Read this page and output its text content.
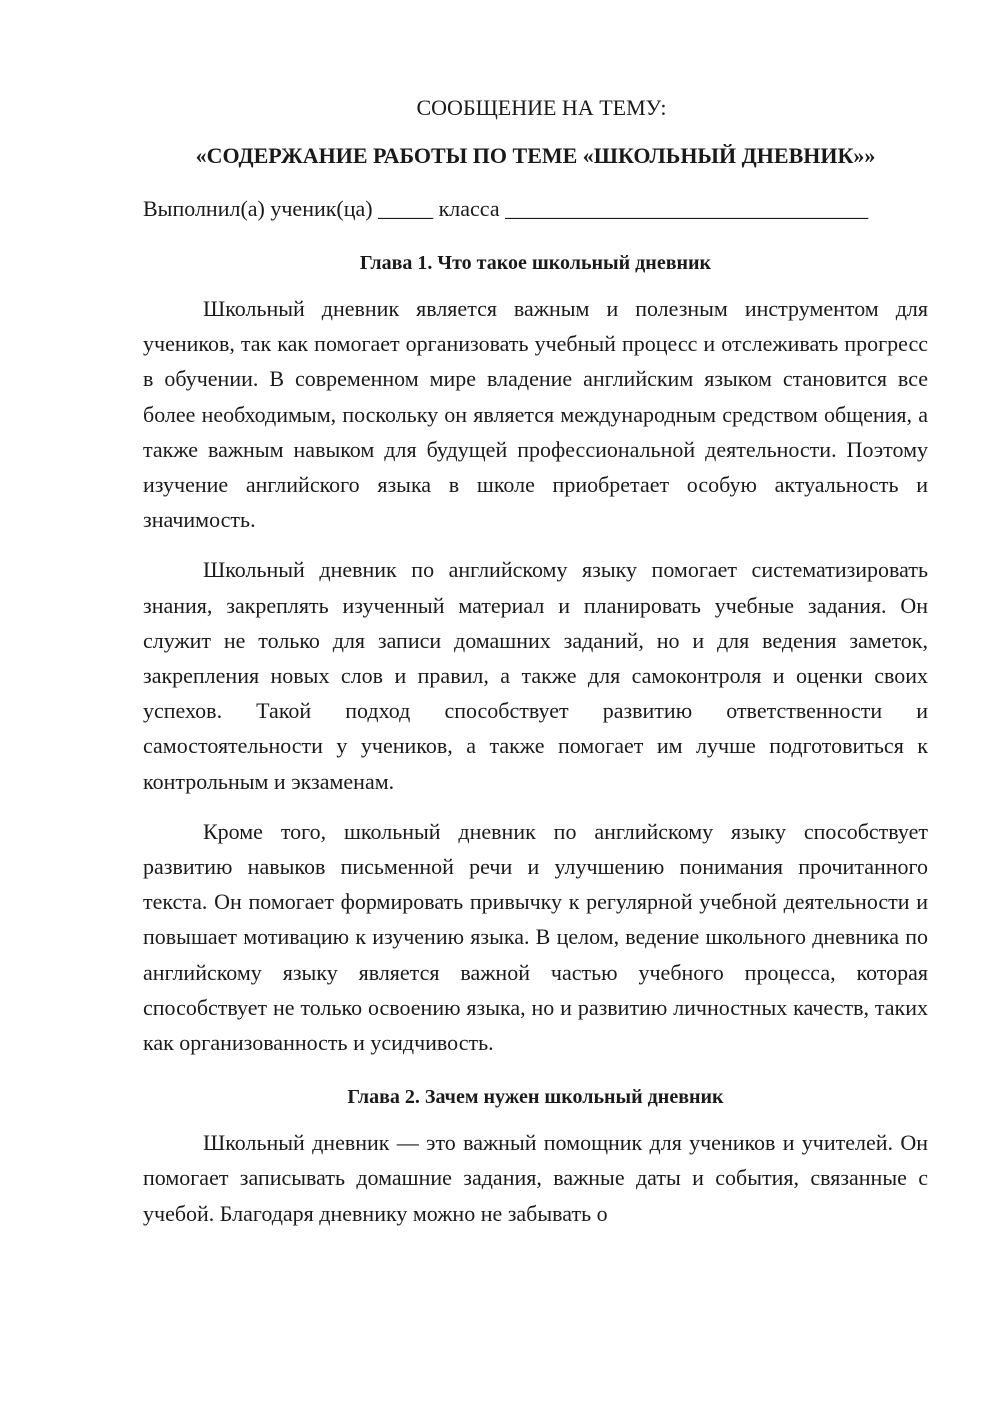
СООБЩЕНИЕ НА ТЕМУ:

«СОДЕРЖАНИЕ РАБОТЫ ПО ТЕМЕ «ШКОЛЬНЫЙ ДНЕВНИК»»

Выполнил(а) ученик(ца) _____ класса _________________________________

Глава 1. Что такое школьный дневник

Школьный дневник является важным и полезным инструментом для учеников, так как помогает организовать учебный процесс и отслеживать прогресс в обучении. В современном мире владение английским языком становится все более необходимым, поскольку он является международным средством общения, а также важным навыком для будущей профессиональной деятельности. Поэтому изучение английского языка в школе приобретает особую актуальность и значимость.

Школьный дневник по английскому языку помогает систематизировать знания, закреплять изученный материал и планировать учебные задания. Он служит не только для записи домашних заданий, но и для ведения заметок, закрепления новых слов и правил, а также для самоконтроля и оценки своих успехов. Такой подход способствует развитию ответственности и самостоятельности у учеников, а также помогает им лучше подготовиться к контрольным и экзаменам.

Кроме того, школьный дневник по английскому языку способствует развитию навыков письменной речи и улучшению понимания прочитанного текста. Он помогает формировать привычку к регулярной учебной деятельности и повышает мотивацию к изучению языка. В целом, ведение школьного дневника по английскому языку является важной частью учебного процесса, которая способствует не только освоению языка, но и развитию личностных качеств, таких как организованность и усидчивость.

Глава 2. Зачем нужен школьный дневник

Школьный дневник — это важный помощник для учеников и учителей. Он помогает записывать домашние задания, важные даты и события, связанные с учебой. Благодаря дневнику можно не забывать о
